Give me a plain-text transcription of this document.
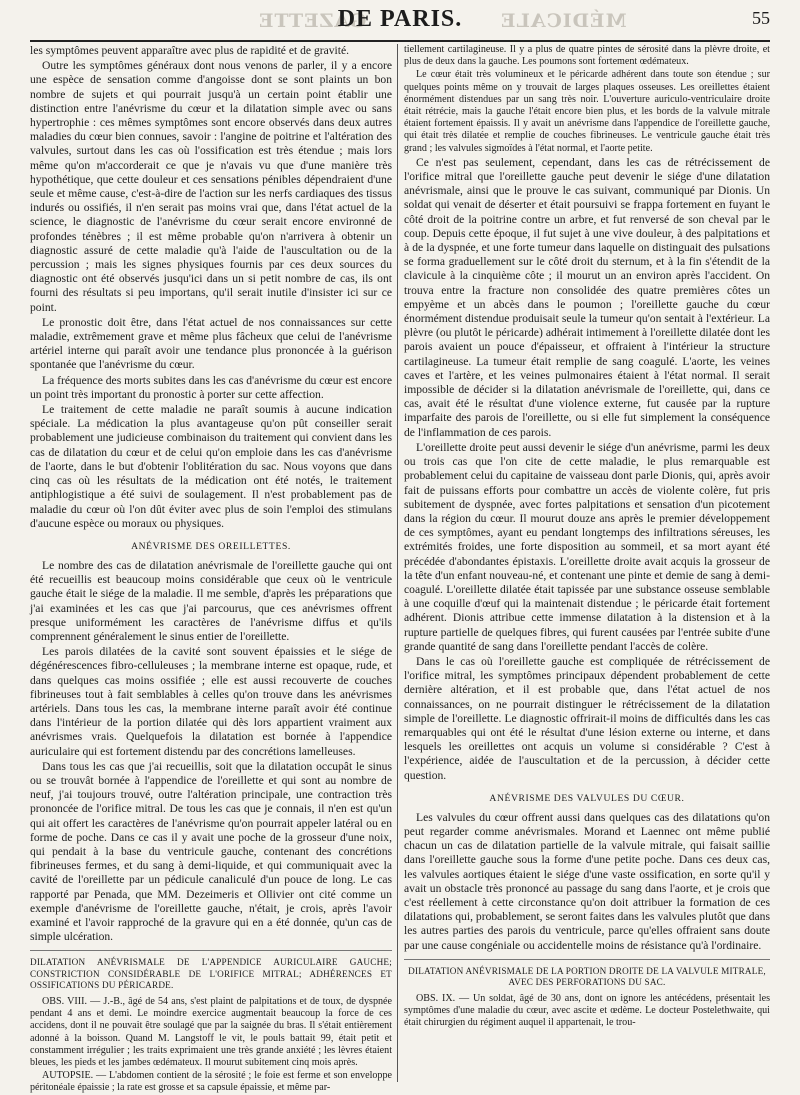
GAZETTE	MÉDICALE
DE PARIS.	55

les symptômes peuvent apparaître avec plus de rapidité et de gravité.

Outre les symptômes généraux dont nous venons de parler, il y a encore une espèce de sensation comme d'angoisse dont se sont plaints un bon nombre de sujets et qui pourrait jusqu'à un certain point établir une distinction entre l'anévrisme du cœur et la dilatation simple avec ou sans hypertrophie : ces mêmes symptômes sont encore observés dans deux autres maladies du cœur bien connues, savoir : l'angine de poitrine et l'altération des valvules, surtout dans les cas où l'ossification est très étendue ; mais lors même qu'on m'accorderait ce que je n'avais vu que d'une manière très hypothétique, que cette douleur et ces sensations pénibles dépendraient d'une seule et même cause, c'est-à-dire de l'action sur les nerfs cardiaques des tissus indurés ou ossifiés, il n'en serait pas moins vrai que, dans l'état actuel de la science, le diagnostic de l'anévrisme du cœur serait encore environné de profondes ténèbres ; il est même probable qu'on n'arrivera à obtenir un diagnostic assuré de cette maladie qu'à l'aide de l'auscultation ou de la percussion ; mais les signes physiques fournis par ces deux sources du diagnostic ont été observés jusqu'ici dans un si petit nombre de cas, ils ont fourni des résultats si peu importans, qu'il serait inutile d'insister ici sur ce point.

Le pronostic doit être, dans l'état actuel de nos connaissances sur cette maladie, extrêmement grave et même plus fâcheux que celui de l'anévrisme artériel interne qui paraît avoir une tendance plus prononcée à la guérison spontanée que l'anévrisme du cœur.

La fréquence des morts subites dans les cas d'anévrisme du cœur est encore un point très important du pronostic à porter sur cette affection.

Le traitement de cette maladie ne paraît soumis à aucune indication spéciale. La médication la plus avantageuse qu'on pût conseiller serait probablement une judicieuse combinaison du traitement qui convient dans les cas de dilatation du cœur et de celui qu'on emploie dans les cas d'anévrisme de l'aorte, dans le but d'obtenir l'oblitération du sac. Nous voyons que dans cinq cas où les résultats de la médication ont été notés, le traitement antiphlogistique a été suivi de soulagement. Il n'est probablement pas de maladie du cœur où l'on dût éviter avec plus de soin l'emploi des stimulans d'aucune espèce ou moraux ou physiques.

ANÉVRISME DES OREILLETTES.

Le nombre des cas de dilatation anévrismale de l'oreillette gauche qui ont été recueillis est beaucoup moins considérable que ceux où le ventricule gauche était le siége de la maladie. Il me semble, d'après les préparations que j'ai examinées et les cas que j'ai parcourus, que ces anévrismes offrent presque uniformément les caractères de l'anévrisme diffus et qu'ils comprennent généralement le sinus entier de l'oreillette.

Les parois dilatées de la cavité sont souvent épaissies et le siége de dégénérescences fibro-celluleuses ; la membrane interne est opaque, rude, et dans quelques cas moins ossifiée ; elle est aussi recouverte de couches fibrineuses tout à fait semblables à celles qu'on trouve dans les anévrismes artériels. Dans tous les cas, la membrane interne paraît avoir été continue dans l'intérieur de la portion dilatée qui dès lors appartient vraiment aux anévrismes vrais. Quelquefois la dilatation est bornée à l'appendice auriculaire qui est fortement distendu par des concrétions lamelleuses.

Dans tous les cas que j'ai recueillis, soit que la dilatation occupât le sinus ou se trouvât bornée à l'appendice de l'oreillette et qui sont au nombre de neuf, j'ai toujours trouvé, outre l'altération principale, une contraction très prononcée de l'orifice mitral. De tous les cas que je connais, il n'en est qu'un qui ait offert les caractères de l'anévrisme qu'on pourrait appeler latéral ou en forme de poche. Dans ce cas il y avait une poche de la grosseur d'une noix, qui pendait à la base du ventricule gauche, contenant des concrétions fibrineuses fermes, et du sang à demi-liquide, et qui communiquait avec la cavité de l'oreillette par un pédicule canaliculé d'un pouce de long. Le cas rapporté par Penada, que MM. Dezeimeris et Ollivier ont cité comme un exemple d'anévrisme de l'oreillette gauche, n'était, je crois, après l'avoir examiné et l'avoir rapproché de la gravure qui en a été donnée, qu'un cas de simple ulcération.

DILATATION ANÉVRISMALE DE L'APPENDICE AURICULAIRE GAUCHE; CONSTRICTION CONSIDÉRABLE DE L'ORIFICE MITRAL; ADHÉRENCES ET OSSIFICATIONS DU PÉRICARDE.

OBS. VIII. — J.-B., âgé de 54 ans, s'est plaint de palpitations et de toux, de dyspnée pendant 4 ans et demi. Le moindre exercice augmentait beaucoup la force de ces accidens, dont il ne pouvait être soulagé que par la saignée du bras. Il s'était entièrement adonné à la boisson. Quand M. Langstoff le vit, le pouls battait 99, était petit et constamment irrégulier ; les traits exprimaient une très grande anxiété ; les lèvres étaient bleues, les pieds et les jambes œdémateux. Il mourut subitement cinq mois après.

AUTOPSIE. — L'abdomen contient de la sérosité ; le foie est ferme et son enveloppe péritonéale épaissie ; la rate est grosse et sa capsule épaissie, et même par-

tiellement cartilagineuse. Il y a plus de quatre pintes de sérosité dans la plèvre droite, et plus de deux dans la gauche. Les poumons sont fortement œdémateux.

Le cœur était très volumineux et le péricarde adhérent dans toute son étendue ; sur quelques points même on y trouvait de larges plaques osseuses. Les oreillettes étaient énormément distendues par un sang très noir. L'ouverture auriculo-ventriculaire droite était rétrécie, mais la gauche l'était encore bien plus, et les bords de la valvule mitrale étaient fortement épaissis. Il y avait un anévrisme dans l'appendice de l'oreillette gauche, qui était très dilatée et remplie de couches fibrineuses. Le ventricule gauche était très grand ; les valvules sigmoïdes à l'état normal, et l'aorte petite.

Ce n'est pas seulement, cependant, dans les cas de rétrécissement de l'orifice mitral que l'oreillette gauche peut devenir le siége d'une dilatation anévrismale, ainsi que le prouve le cas suivant, communiqué par Dionis. Un soldat qui venait de déserter et était poursuivi se frappa fortement en fuyant le côté droit de la poitrine contre un arbre, et fut renversé de son cheval par le coup. Depuis cette époque, il fut sujet à une vive douleur, à des palpitations et à de la dyspnée, et une forte tumeur dans laquelle on distinguait des pulsations se forma graduellement sur le côté droit du sternum, et à la fin s'étendit de la clavicule à la cinquième côte ; il mourut un an environ après l'accident. On trouva entre la fracture non consolidée des quatre premières côtes un empyème et un abcès dans le poumon ; l'oreillette gauche du cœur énormément distendue produisait seule la tumeur qu'on sentait à l'extérieur. La plèvre (ou plutôt le péricarde) adhérait intimement à l'oreillette dilatée dont les parois avaient un pouce d'épaisseur, et offraient à l'intérieur la structure cartilagineuse. La tumeur était remplie de sang coagulé. L'aorte, les veines caves et l'artère, et les veines pulmonaires étaient à l'état normal. Il serait impossible de décider si la dilatation anévrismale de l'oreillette, qui, dans ce cas, avait été le résultat d'une violence externe, fut causée par la rupture imparfaite des parois de l'oreillette, ou si elle fut simplement la conséquence de l'inflammation de ces parois.

L'oreillette droite peut aussi devenir le siége d'un anévrisme, parmi les deux ou trois cas que l'on cite de cette maladie, le plus remarquable est probablement celui du capitaine de vaisseau dont parle Dionis, qui, après avoir fait de puissans efforts pour combattre un accès de violente colère, fut pris subitement de dyspnée, avec fortes palpitations et sensation d'un picotement dans la région du cœur. Il mourut douze ans après le premier développement de ces symptômes, ayant eu pendant longtemps des infiltrations séreuses, les extrémités froides, une forte disposition au sommeil, et sa mort ayant été précédée d'abondantes épistaxis. L'oreillette droite avait acquis la grosseur de la tête d'un enfant nouveau-né, et contenant une pinte et demie de sang à demi-coagulé. L'oreillette dilatée était tapissée par une substance osseuse semblable à une coquille d'œuf qui la maintenait distendue ; le péricarde était fortement adhérent. Dionis attribue cette immense dilatation à la distension et à la rupture partielle de quelques fibres, qui furent causées par l'entrée subite d'une grande quantité de sang dans l'oreillette pendant l'accès de colère.

Dans le cas où l'oreillette gauche est compliquée de rétrécissement de l'orifice mitral, les symptômes principaux dépendent probablement de cette dernière altération, et il est probable que, dans l'état actuel de nos connaissances, on ne pourrait distinguer le rétrécissement de la dilatation simple de l'oreillette. Le diagnostic offrirait-il moins de difficultés dans les cas remarquables qui ont été le résultat d'une lésion externe ou interne, et dans lesquels les oreillettes ont acquis un volume si considérable ? C'est à l'expérience, aidée de l'auscultation et de la percussion, à décider cette question.

ANÉVRISME DES VALVULES DU CŒUR.

Les valvules du cœur offrent aussi dans quelques cas des dilatations qu'on peut regarder comme anévrismales. Morand et Laennec ont même publié chacun un cas de dilatation partielle de la valvule mitrale, qui faisait saillie dans l'oreillette gauche sous la forme d'une petite poche. Dans ces deux cas, les valvules aortiques étaient le siége d'une vaste ossification, en sorte qu'il y avait un obstacle très prononcé au passage du sang dans l'aorte, et je crois que c'est réellement à cette circonstance qu'on doit attribuer la formation de ces dilatations qui, probablement, se seront faites dans les valvules plutôt que dans les autres parties des parois du ventricule, parce qu'elles offraient sans doute par une cause congéniale ou accidentelle moins de résistance qu'à l'ordinaire.

DILATATION ANÉVRISMALE DE LA PORTION DROITE DE LA VALVULE MITRALE, AVEC DES PERFORATIONS DU SAC.

OBS. IX. — Un soldat, âgé de 30 ans, dont on ignore les antécédens, présentait les symptômes d'une maladie du cœur, avec ascite et œdème. Le docteur Postelethwaite, qui était chirurgien du régiment auquel il appartenait, le trou-
